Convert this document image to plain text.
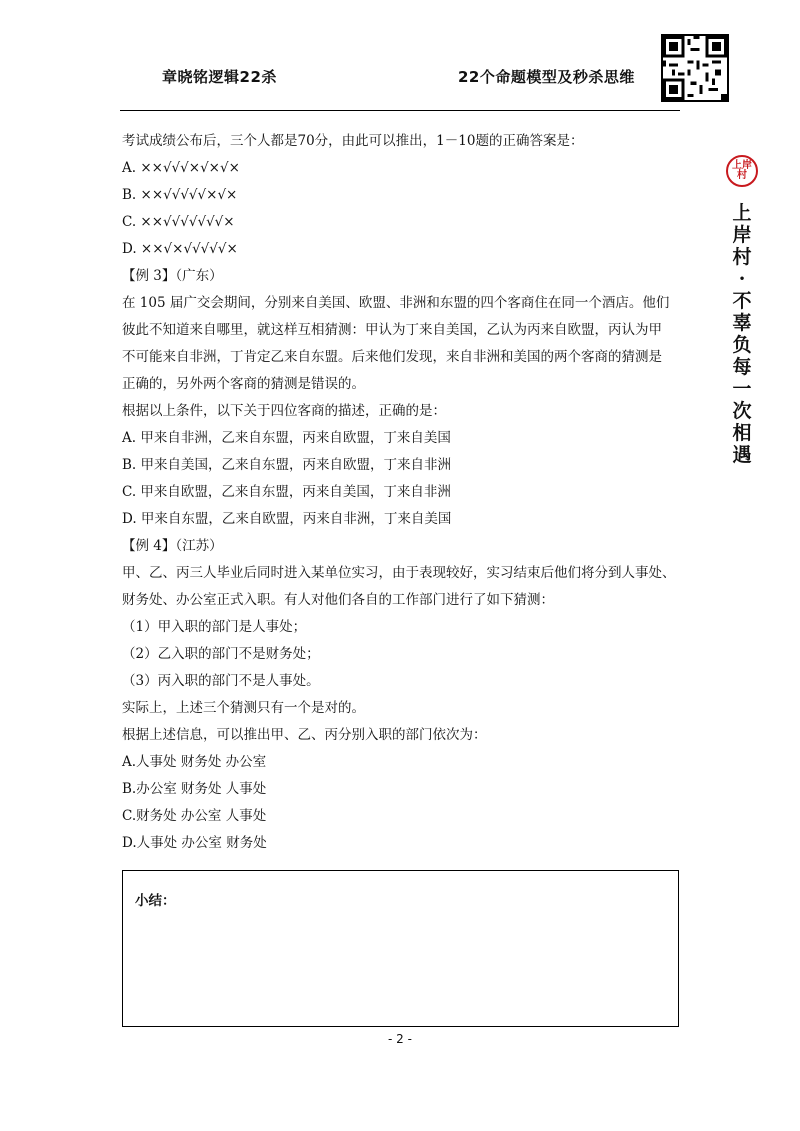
章晓铭逻辑22杀	22个命题模型及秒杀思维
上岸村
上岸村·不辜负每一次相遇
考试成绩公布后，三个人都是70分，由此可以推出，1－10题的正确答案是：
A. ××√√√×√×√×
B. ××√√√√√×√×
C. ××√√√√√√√×
D. ××√×√√√√√×
【例 3】（广东）
在 105 届广交会期间，分别来自美国、欧盟、非洲和东盟的四个客商住在同一个酒店。他们
彼此不知道来自哪里，就这样互相猜测：甲认为丁来自美国，乙认为丙来自欧盟，丙认为甲
不可能来自非洲，丁肯定乙来自东盟。后来他们发现，来自非洲和美国的两个客商的猜测是
正确的，另外两个客商的猜测是错误的。
根据以上条件，以下关于四位客商的描述，正确的是：
A. 甲来自非洲，乙来自东盟，丙来自欧盟，丁来自美国
B. 甲来自美国，乙来自东盟，丙来自欧盟，丁来自非洲
C. 甲来自欧盟，乙来自东盟，丙来自美国，丁来自非洲
D. 甲来自东盟，乙来自欧盟，丙来自非洲，丁来自美国
【例 4】（江苏）
甲、乙、丙三人毕业后同时进入某单位实习，由于表现较好，实习结束后他们将分到人事处、
财务处、办公室正式入职。有人对他们各自的工作部门进行了如下猜测：
（1）甲入职的部门是人事处；
（2）乙入职的部门不是财务处；
（3）丙入职的部门不是人事处。
实际上，上述三个猜测只有一个是对的。
根据上述信息，可以推出甲、乙、丙分别入职的部门依次为：
A.人事处 财务处 办公室
B.办公室 财务处 人事处
C.财务处 办公室 人事处
D.人事处 办公室 财务处
小结：
- 2 -
